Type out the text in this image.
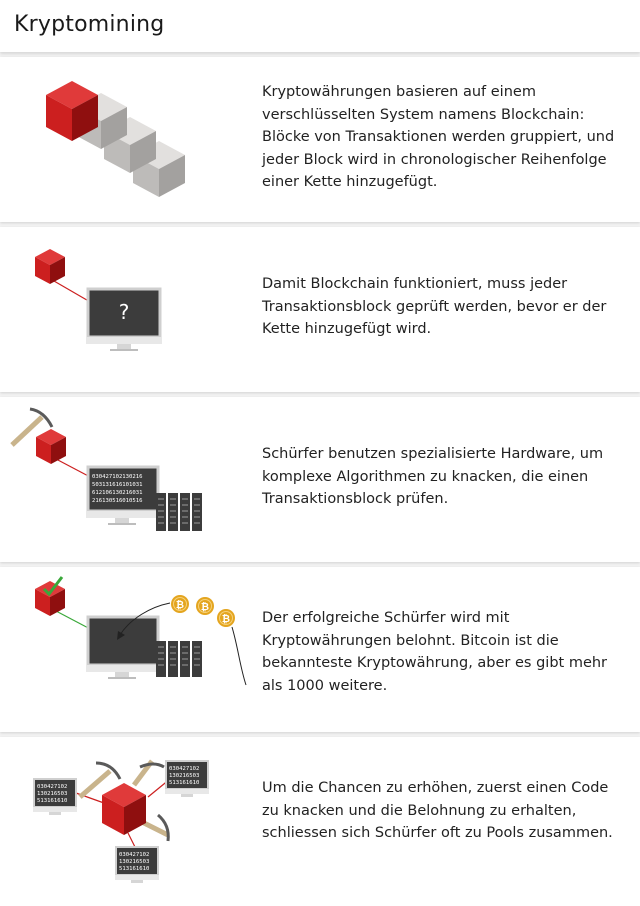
Kryptomining

Kryptowährungen basieren auf einem verschlüsselten System namens Blockchain: Blöcke von Transaktionen werden gruppiert, und jeder Block wird in chronologischer Reihenfolge einer Kette hinzugefügt.

?

Damit Blockchain funktioniert, muss jeder Transaktionsblock geprüft werden, bevor er der Kette hinzugefügt wird.

030427102130216 503131616101031 612106130216031 216130516010516

Schürfer benutzen spezialisierte Hardware, um komplexe Algorithmen zu knacken, die einen Transaktionsblock prüfen.

₿ ₿
₿ Der erfolgreiche Schürfer wird mit Kryptowährungen belohnt. Bitcoin ist die bekannteste Kryptowährung, aber es gibt mehr als 1000 weitere.

030427102 130216503 513161610
030427102 130216503 513161610
030427102 130216503 513161610

Um die Chancen zu erhöhen, zuerst einen Code zu knacken und die Belohnung zu erhalten, schliessen sich Schürfer oft zu Pools zusammen.
